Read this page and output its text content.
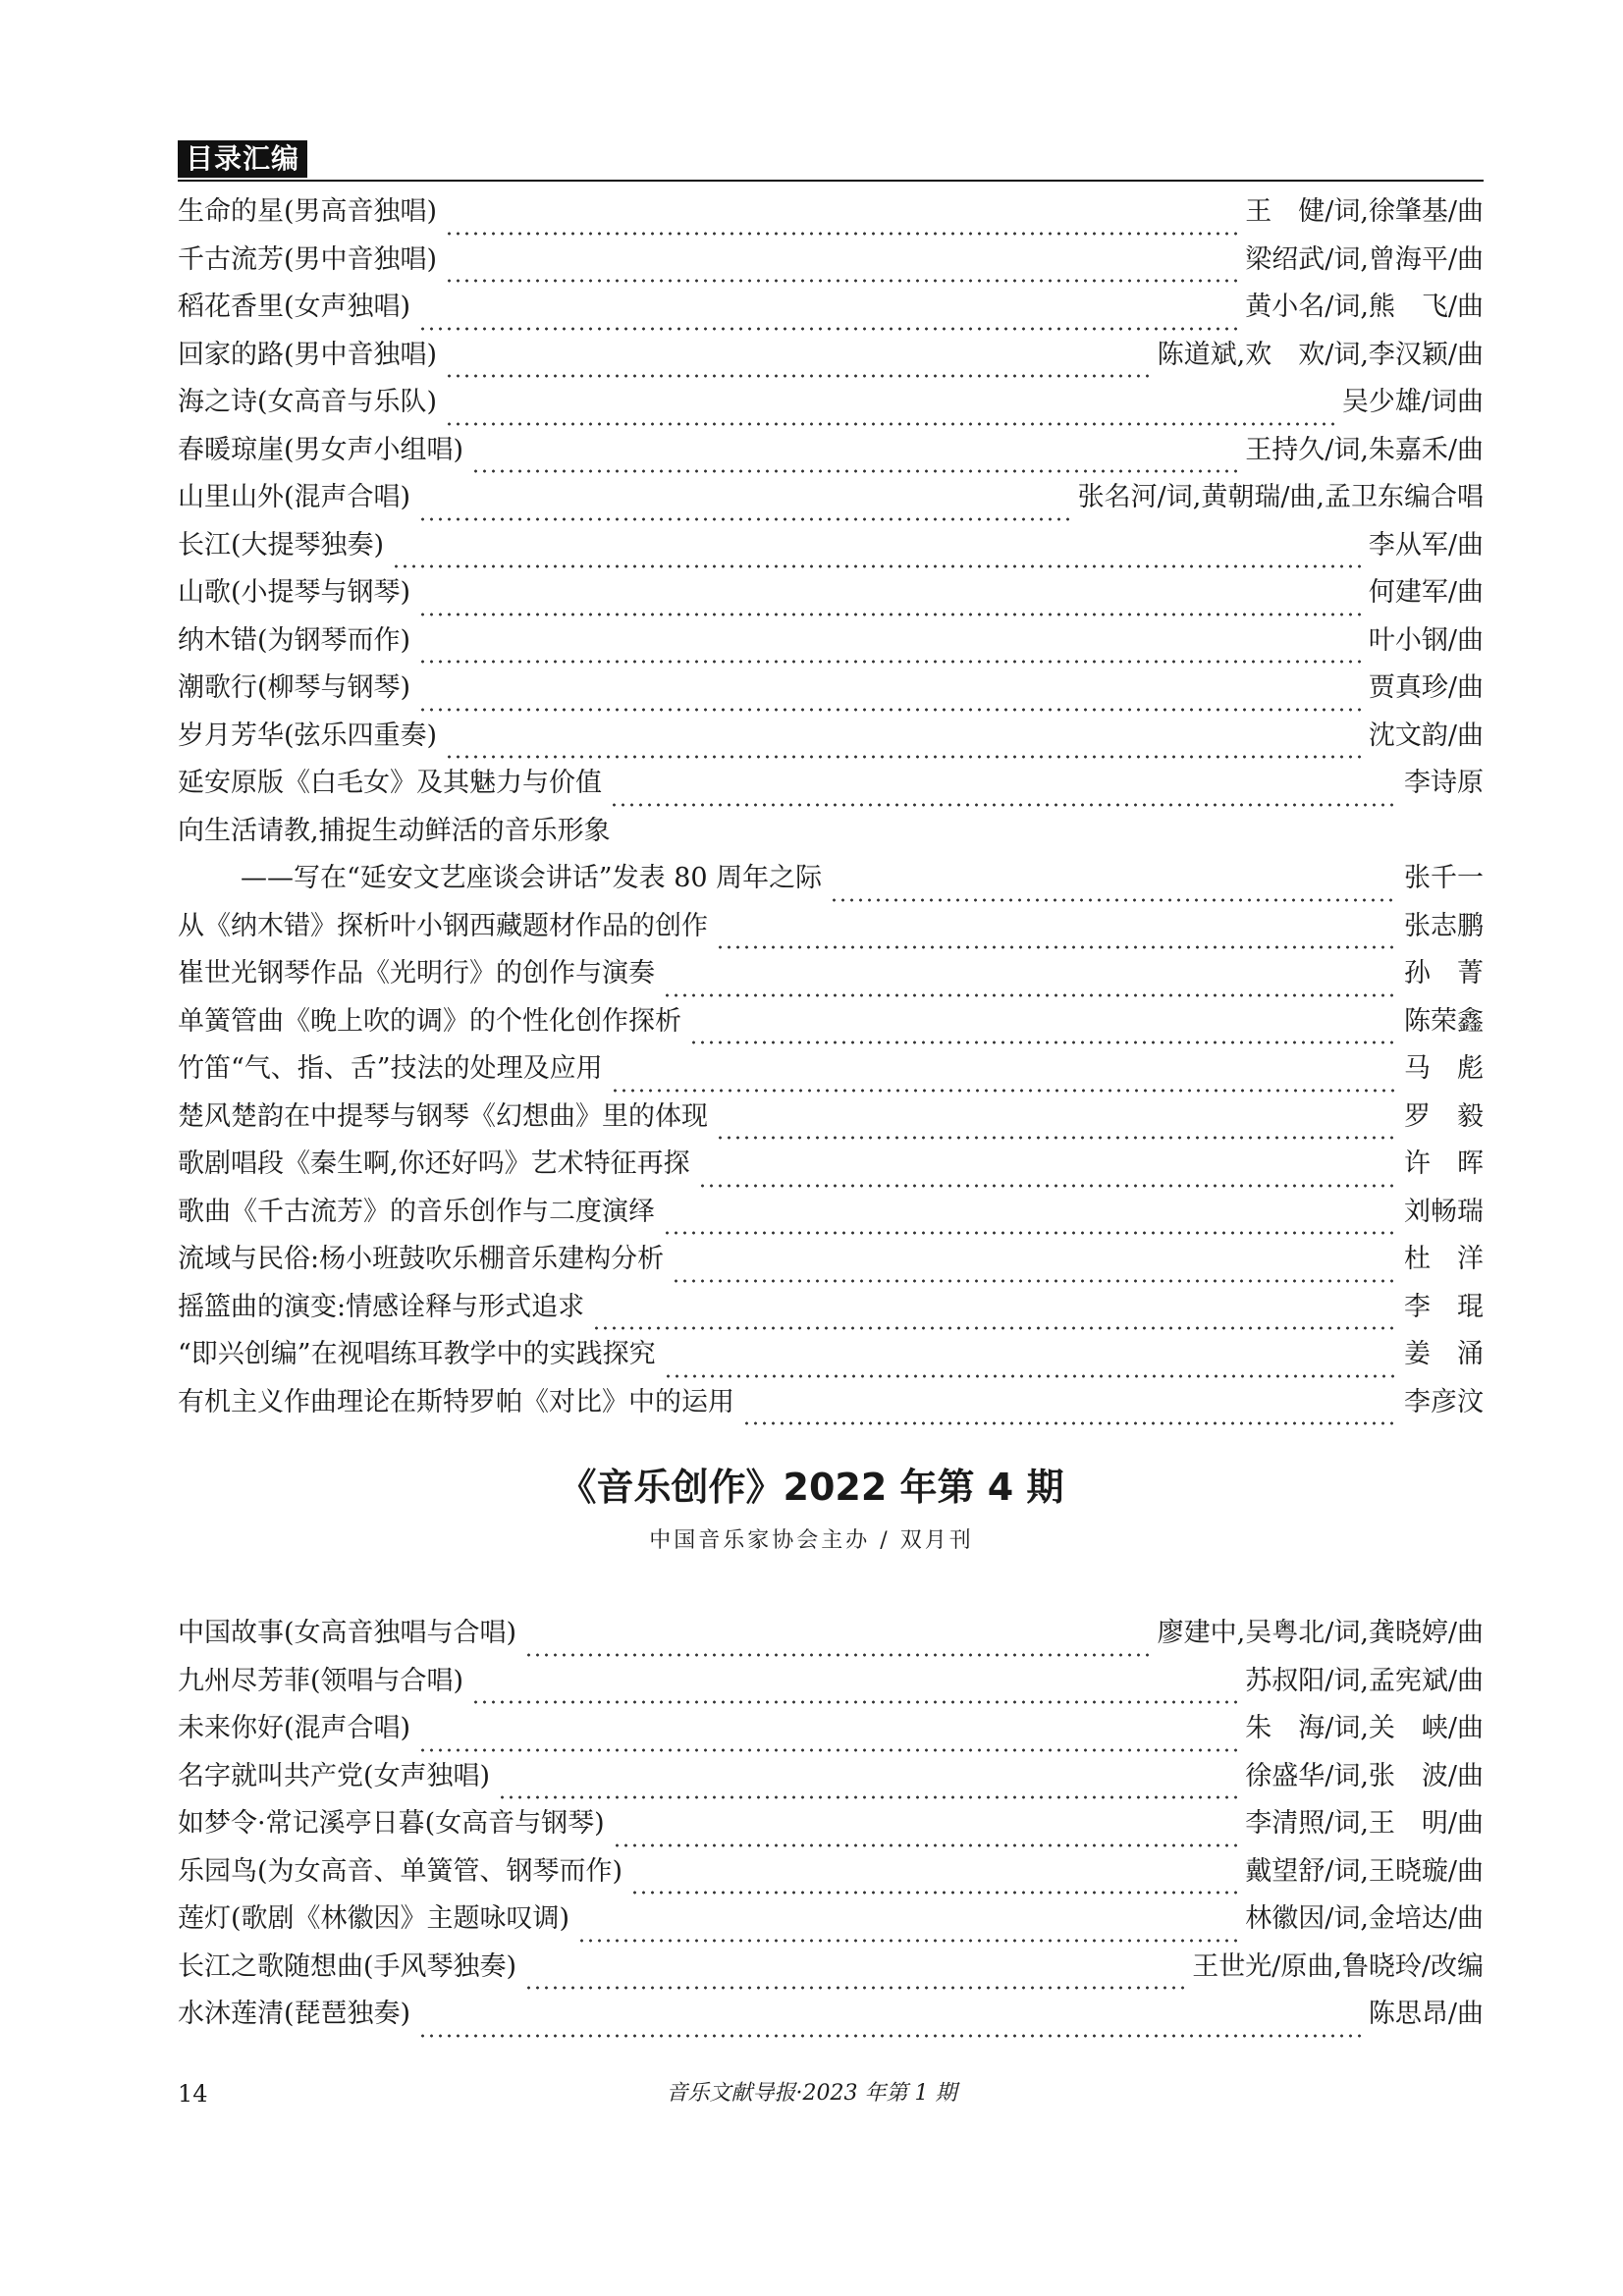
目录汇编
生命的星(男高音独唱)	王　健/词,徐肇基/曲
千古流芳(男中音独唱)	梁绍武/词,曾海平/曲
稻花香里(女声独唱)	黄小名/词,熊　飞/曲
回家的路(男中音独唱)	陈道斌,欢　欢/词,李汉颖/曲
海之诗(女高音与乐队)	吴少雄/词曲
春暖琼崖(男女声小组唱)	王持久/词,朱嘉禾/曲
山里山外(混声合唱)	张名河/词,黄朝瑞/曲,孟卫东编合唱
长江(大提琴独奏)	李从军/曲
山歌(小提琴与钢琴)	何建军/曲
纳木错(为钢琴而作)	叶小钢/曲
潮歌行(柳琴与钢琴)	贾真珍/曲
岁月芳华(弦乐四重奏)	沈文韵/曲
延安原版《白毛女》及其魅力与价值	李诗原
向生活请教,捕捉生动鲜活的音乐形象
——写在“延安文艺座谈会讲话”发表 80 周年之际	张千一
从《纳木错》探析叶小钢西藏题材作品的创作	张志鹏
崔世光钢琴作品《光明行》的创作与演奏	孙　菁
单簧管曲《晚上吹的调》的个性化创作探析	陈荣鑫
竹笛“气、指、舌”技法的处理及应用	马　彪
楚风楚韵在中提琴与钢琴《幻想曲》里的体现	罗　毅
歌剧唱段《秦生啊,你还好吗》艺术特征再探	许　晖
歌曲《千古流芳》的音乐创作与二度演绎	刘畅瑞
流域与民俗:杨小班鼓吹乐棚音乐建构分析	杜　洋
摇篮曲的演变:情感诠释与形式追求	李　琨
“即兴创编”在视唱练耳教学中的实践探究	姜　涌
有机主义作曲理论在斯特罗帕《对比》中的运用	李彦汶
《音乐创作》2022 年第 4 期
中国音乐家协会主办 / 双月刊
中国故事(女高音独唱与合唱)	廖建中,吴粤北/词,龚晓婷/曲
九州尽芳菲(领唱与合唱)	苏叔阳/词,孟宪斌/曲
未来你好(混声合唱)	朱　海/词,关　峡/曲
名字就叫共产党(女声独唱)	徐盛华/词,张　波/曲
如梦令·常记溪亭日暮(女高音与钢琴)	李清照/词,王　明/曲
乐园鸟(为女高音、单簧管、钢琴而作)	戴望舒/词,王晓璇/曲
莲灯(歌剧《林徽因》主题咏叹调)	林徽因/词,金培达/曲
长江之歌随想曲(手风琴独奏)	王世光/原曲,鲁晓玲/改编
水沐莲清(琵琶独奏)	陈思昂/曲
14	音乐文献导报·2023 年第 1 期
